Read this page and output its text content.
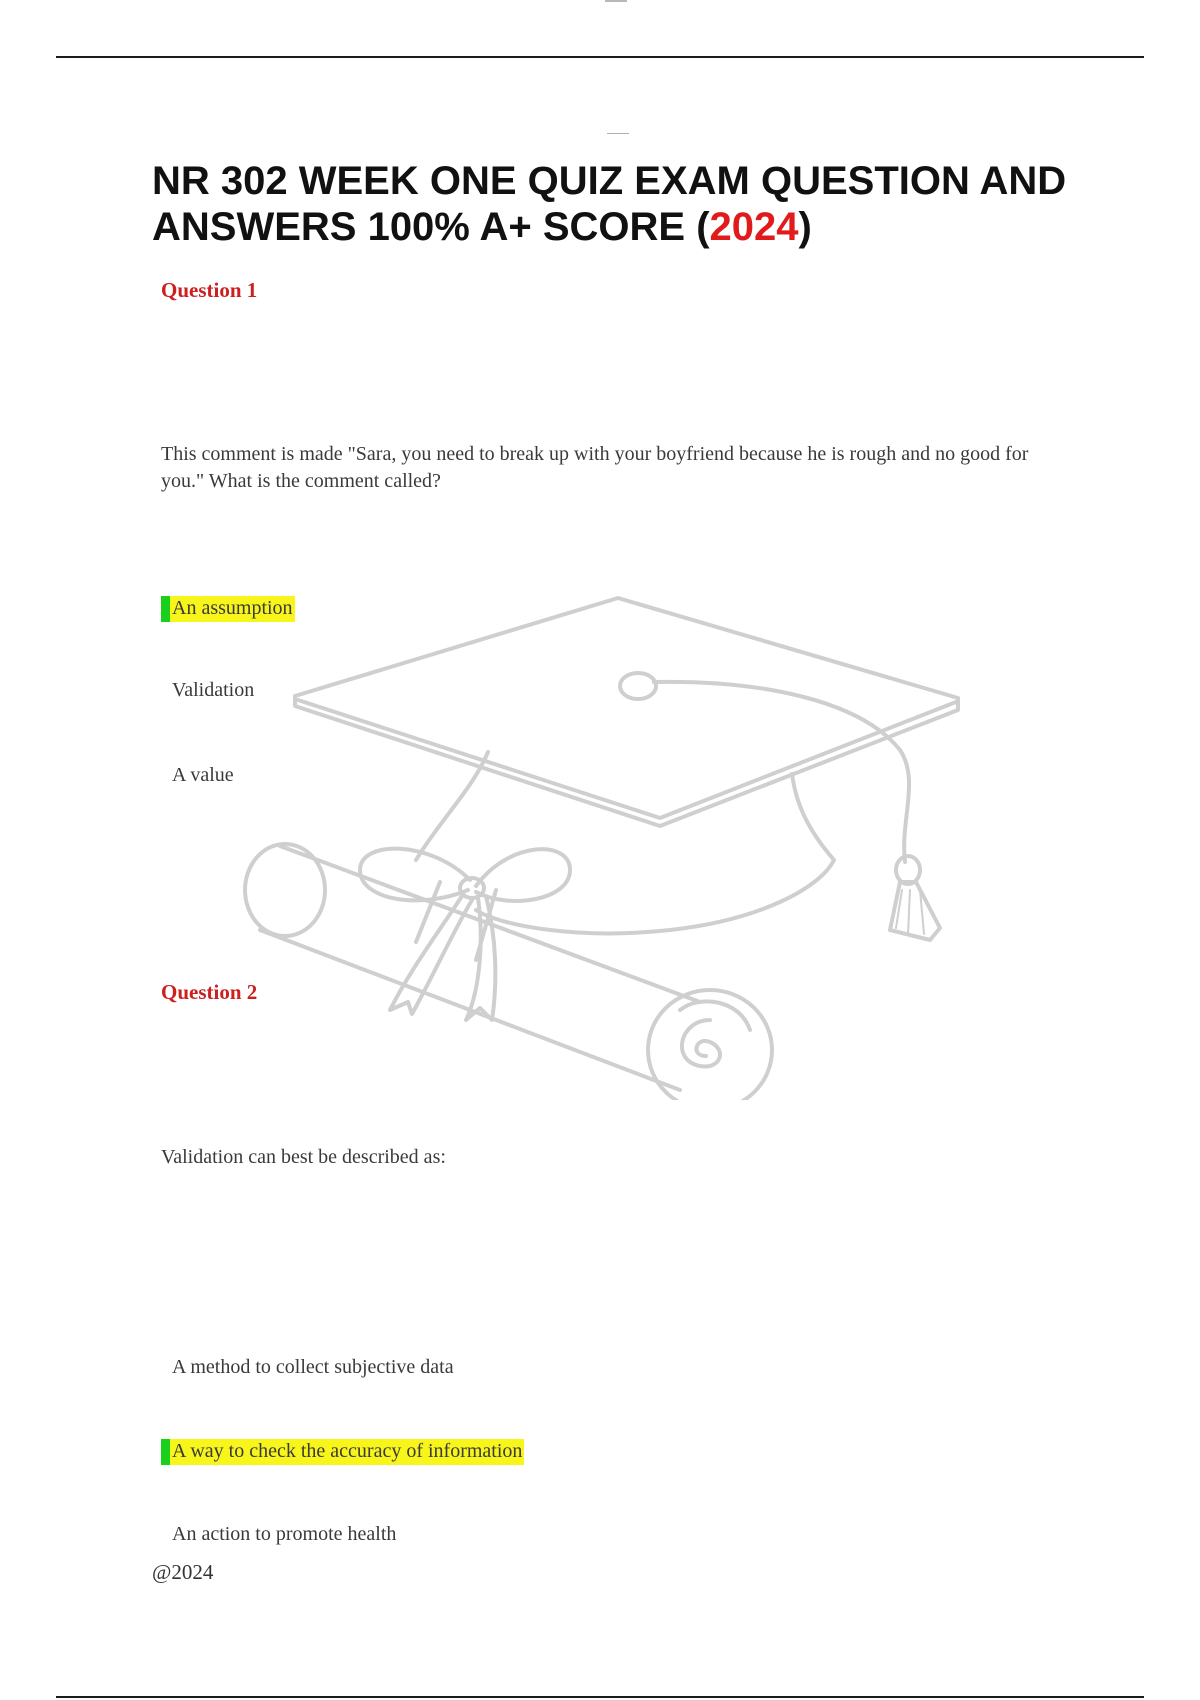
NR 302 WEEK ONE QUIZ EXAM QUESTION AND ANSWERS 100% A+ SCORE (2024)
Question 1
This comment is made "Sara, you need to break up with your boyfriend because he is rough and no good for you." What is the comment called?
An assumption
Validation
A value
Question 2
Validation can best be described as:
A method to collect subjective data
A way to check the accuracy of information
An action to promote health
@2024
